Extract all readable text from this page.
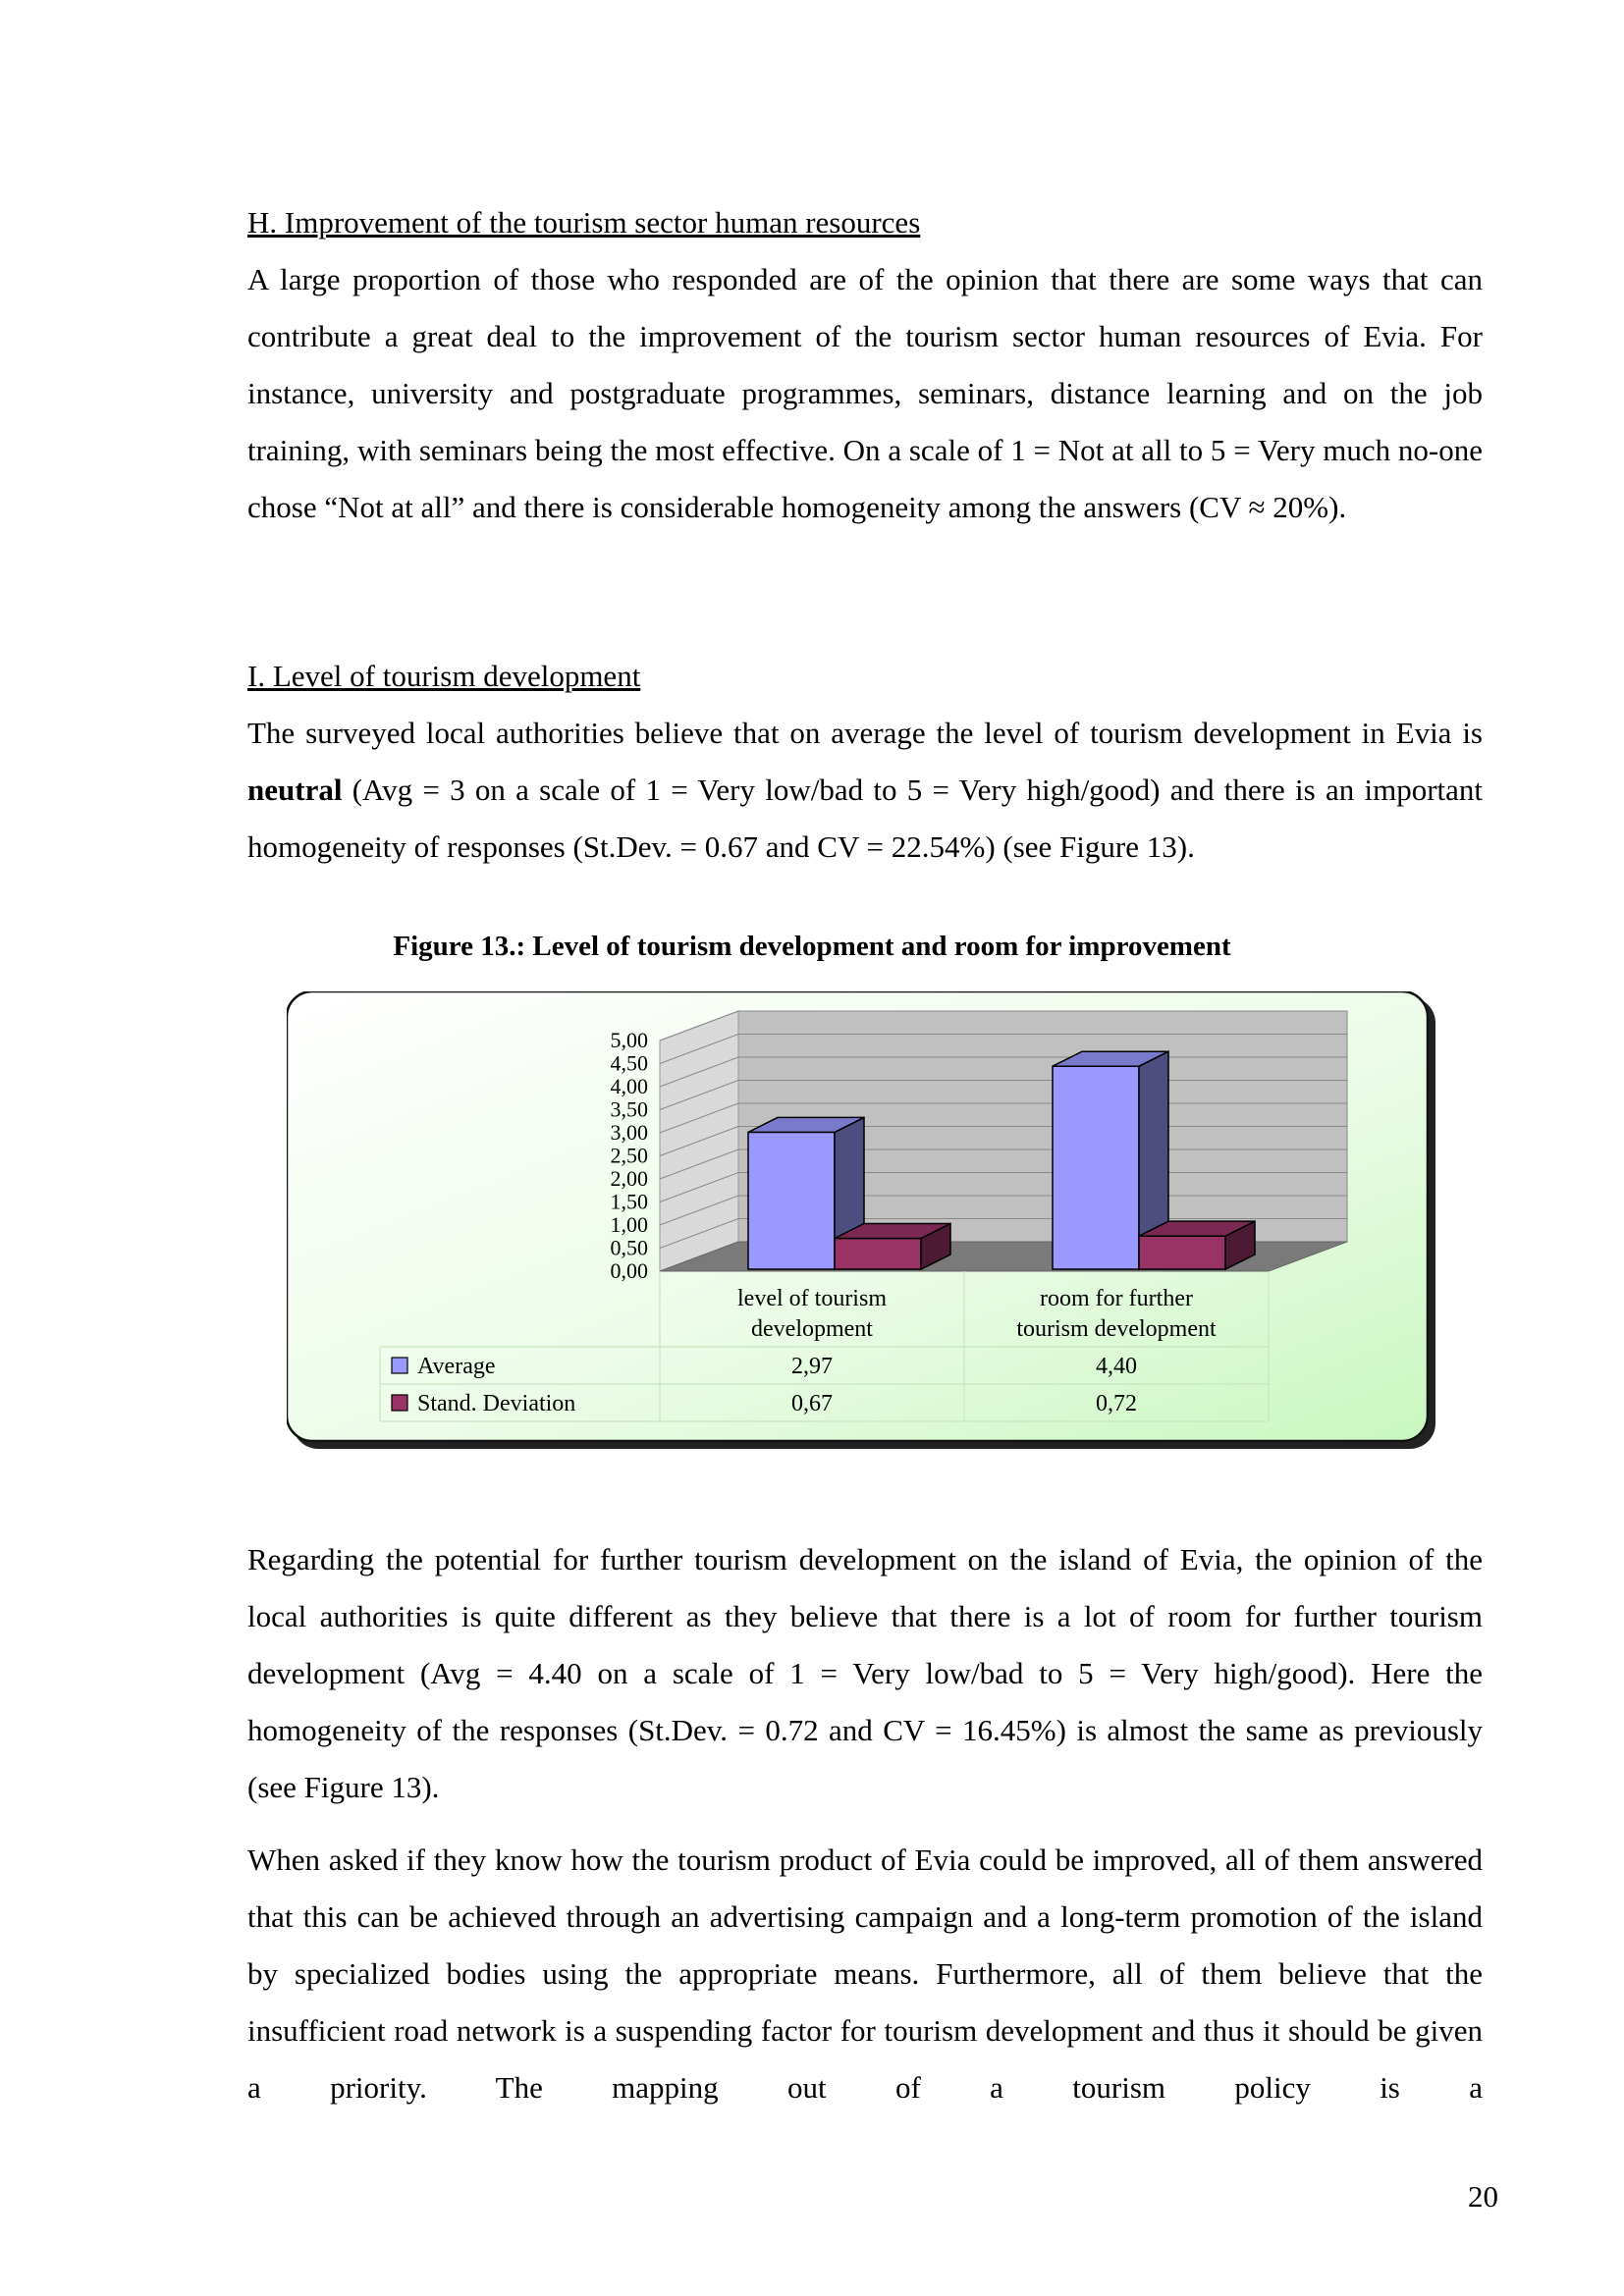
H. Improvement of the tourism sector human resources

A large proportion of those who responded are of the opinion that there are some ways that can contribute a great deal to the improvement of the tourism sector human resources of Evia. For instance, university and postgraduate programmes, seminars, distance learning and on the job training, with seminars being the most effective. On a scale of 1 = Not at all to 5 = Very much no-one chose “Not at all” and there is considerable homogeneity among the answers (CV ≈ 20%).

I. Level of tourism development

The surveyed local authorities believe that on average the level of tourism development in Evia is neutral (Avg = 3 on a scale of 1 = Very low/bad to 5 = Very high/good) and there is an important homogeneity of responses (St.Dev. = 0.67 and CV = 22.54%) (see Figure 13).

Figure 13.: Level of tourism development and room for improvement
0,00
0,50
1,00
1,50
2,00
2,50
3,00
3,50
4,00
4,50
5,00
level of tourism
development
room for further
tourism development
Average	2,97	4,40
Stand. Deviation	0,67	0,72

Regarding the potential for further tourism development on the island of Evia, the opinion of the local authorities is quite different as they believe that there is a lot of room for further tourism development (Avg = 4.40 on a scale of 1 = Very low/bad to 5 = Very high/good). Here the homogeneity of the responses (St.Dev. = 0.72 and CV = 16.45%) is almost the same as previously (see Figure 13).

When asked if they know how the tourism product of Evia could be improved, all of them answered that this can be achieved through an advertising campaign and a long-term promotion of the island by specialized bodies using the appropriate means. Furthermore, all of them believe that the insufficient road network is a suspending factor for tourism development and thus it should be given a priority. The mapping out of a tourism policy is a

20
